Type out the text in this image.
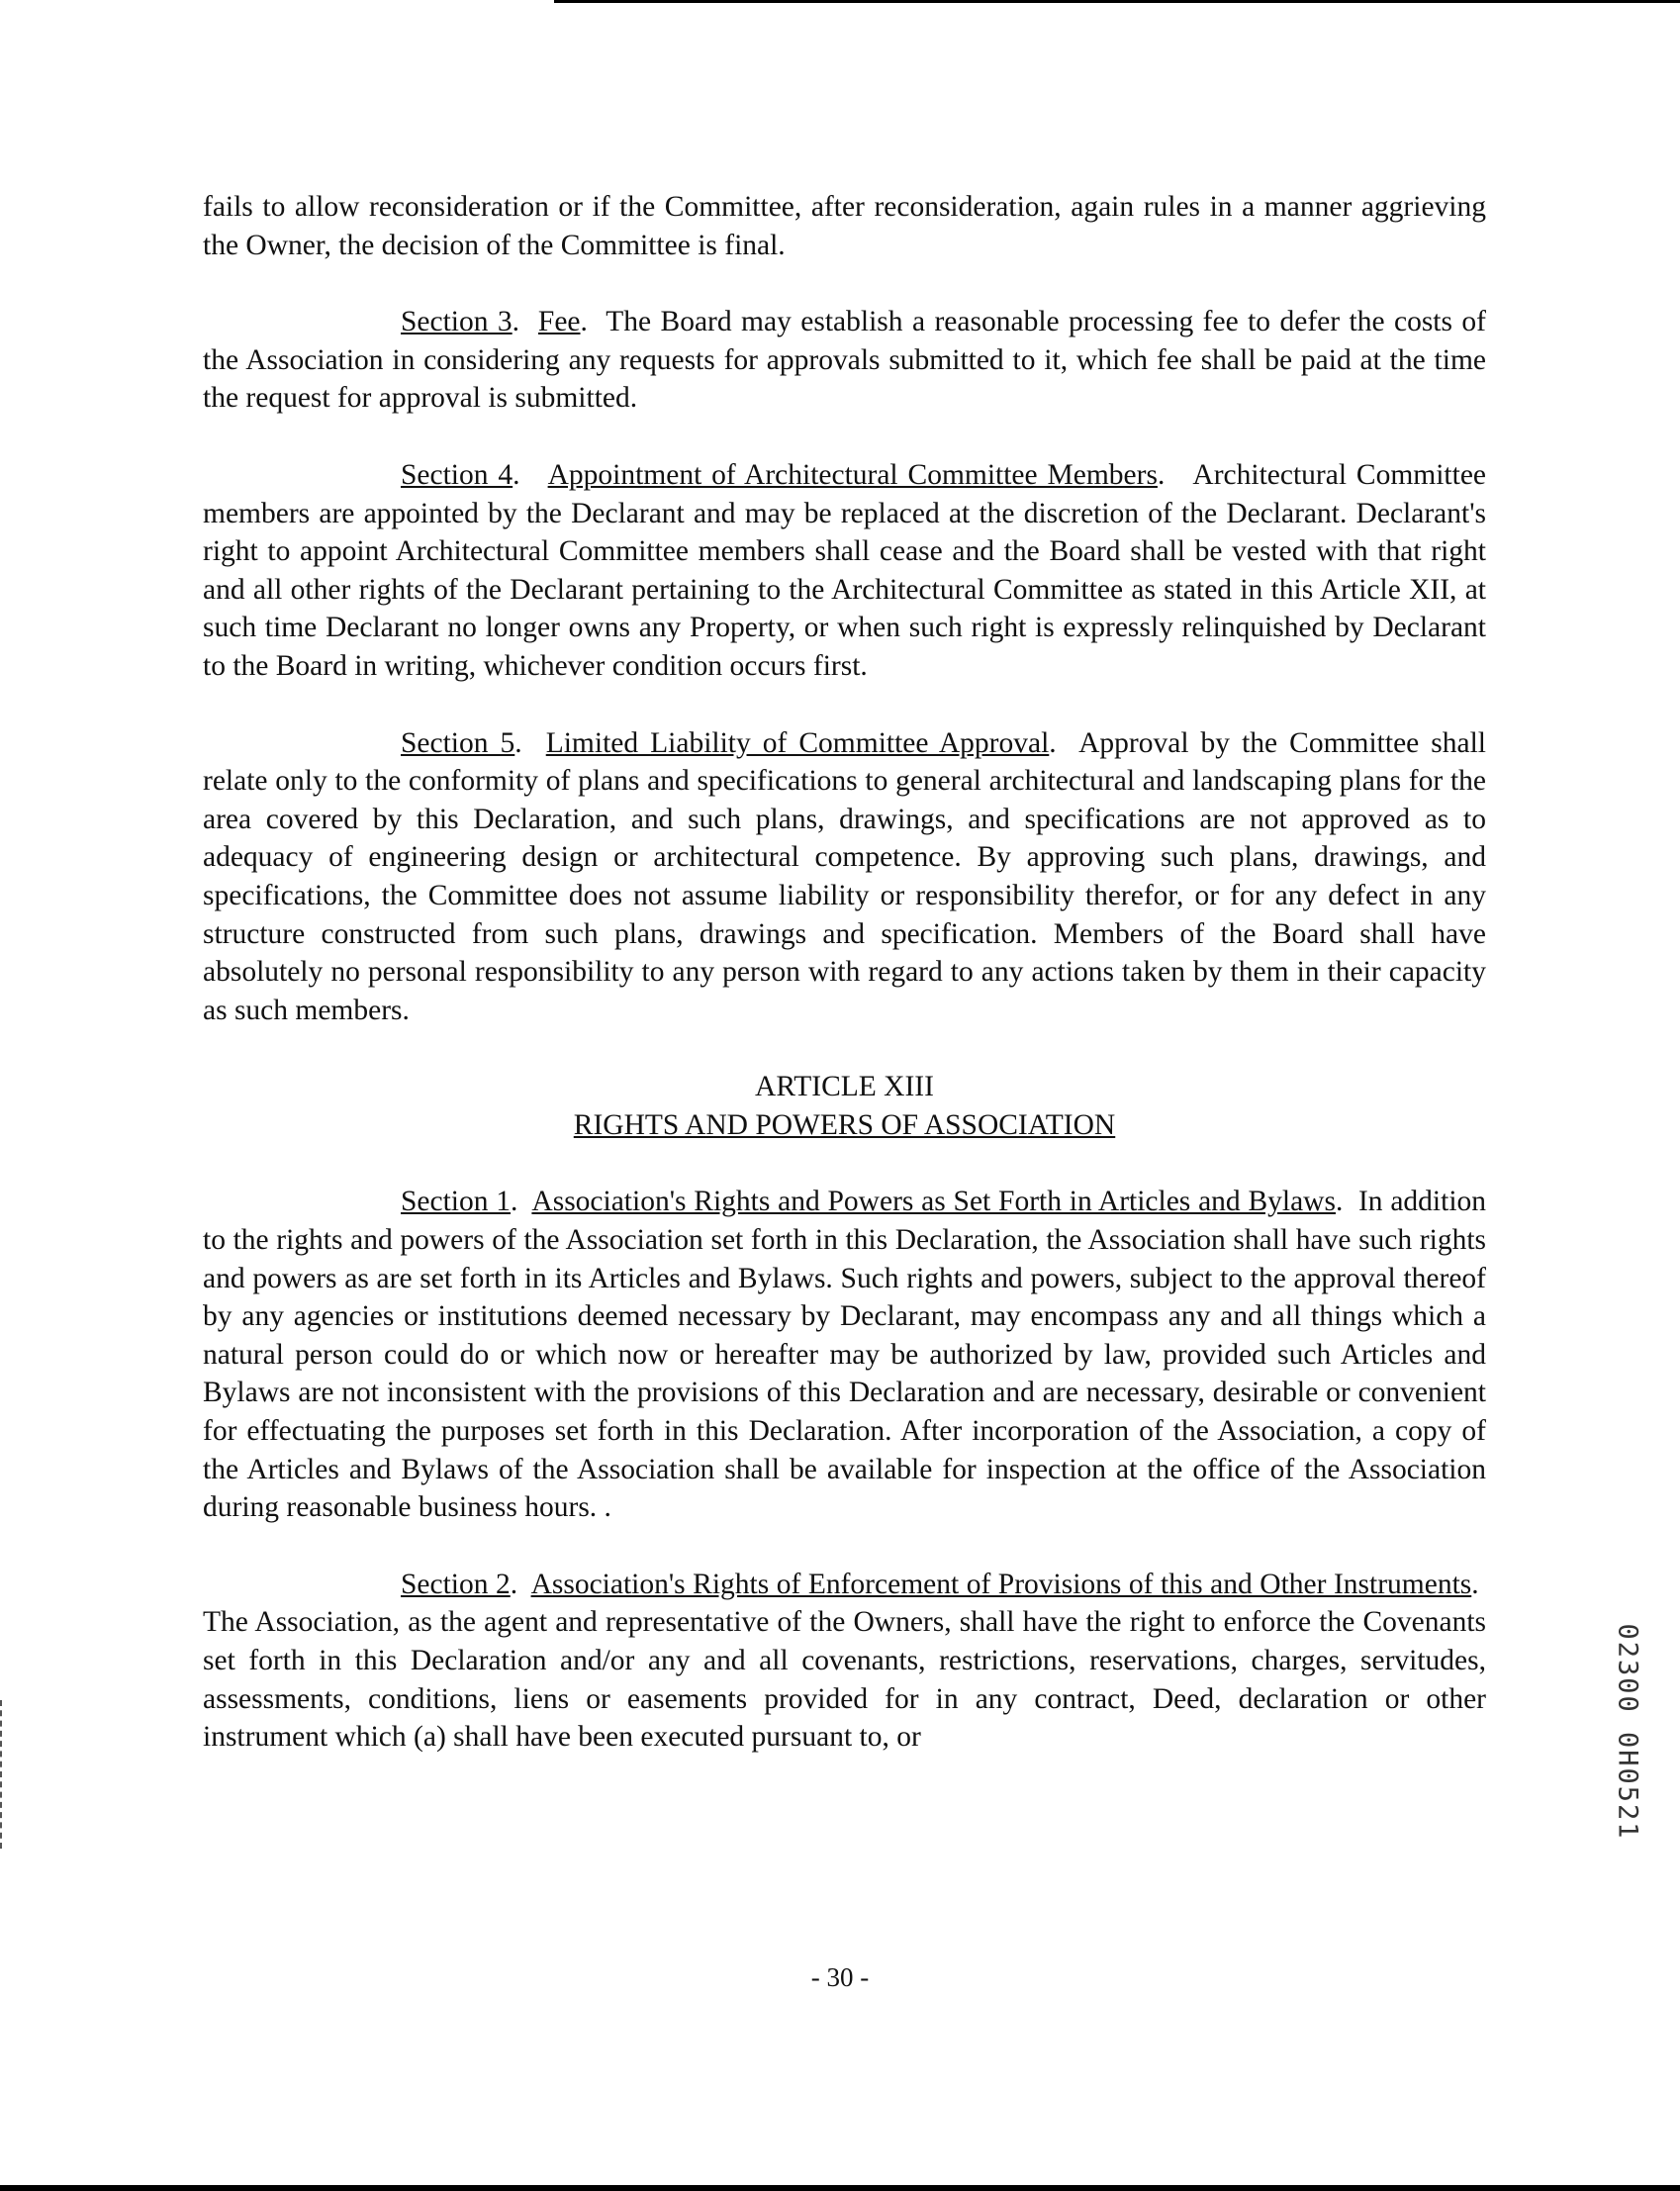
fails to allow reconsideration or if the Committee, after reconsideration, again rules in a manner aggrieving the Owner, the decision of the Committee is final.

Section 3.  Fee.  The Board may establish a reasonable processing fee to defer the costs of the Association in considering any requests for approvals submitted to it, which fee shall be paid at the time the request for approval is submitted.

Section 4.   Appointment of Architectural Committee Members.   Architectural Committee members are appointed by the Declarant and may be replaced at the discretion of the Declarant. Declarant's right to appoint Architectural Committee members shall cease and the Board shall be vested with that right and all other rights of the Declarant pertaining to the Architectural Committee as stated in this Article XII, at such time Declarant no longer owns any Property, or when such right is expressly relinquished by Declarant to the Board in writing, whichever condition occurs first.

Section 5.  Limited Liability of Committee Approval.  Approval by the Committee shall relate only to the conformity of plans and specifications to general architectural and landscaping plans for the area covered by this Declaration, and such plans, drawings, and specifications are not approved as to adequacy of engineering design or architectural competence. By approving such plans, drawings, and specifications, the Committee does not assume liability or responsibility therefor, or for any defect in any structure constructed from such plans, drawings and specification. Members of the Board shall have absolutely no personal responsibility to any person with regard to any actions taken by them in their capacity as such members.

ARTICLE XIII
RIGHTS AND POWERS OF ASSOCIATION

Section 1.  Association's Rights and Powers as Set Forth in Articles and Bylaws.  In addition to the rights and powers of the Association set forth in this Declaration, the Association shall have such rights and powers as are set forth in its Articles and Bylaws. Such rights and powers, subject to the approval thereof by any agencies or institutions deemed necessary by Declarant, may encompass any and all things which a natural person could do or which now or hereafter may be authorized by law, provided such Articles and Bylaws are not inconsistent with the provisions of this Declaration and are necessary, desirable or convenient for effectuating the purposes set forth in this Declaration. After incorporation of the Association, a copy of the Articles and Bylaws of the Association shall be available for inspection at the office of the Association during reasonable business hours. .

Section 2.  Association's Rights of Enforcement of Provisions of this and Other Instruments.  The Association, as the agent and representative of the Owners, shall have the right to enforce the Covenants set forth in this Declaration and/or any and all covenants, restrictions, reservations, charges, servitudes, assessments, conditions, liens or easements provided for in any contract, Deed, declaration or other instrument which (a) shall have been executed pursuant to, or

- 30 -
02300 0H0521
